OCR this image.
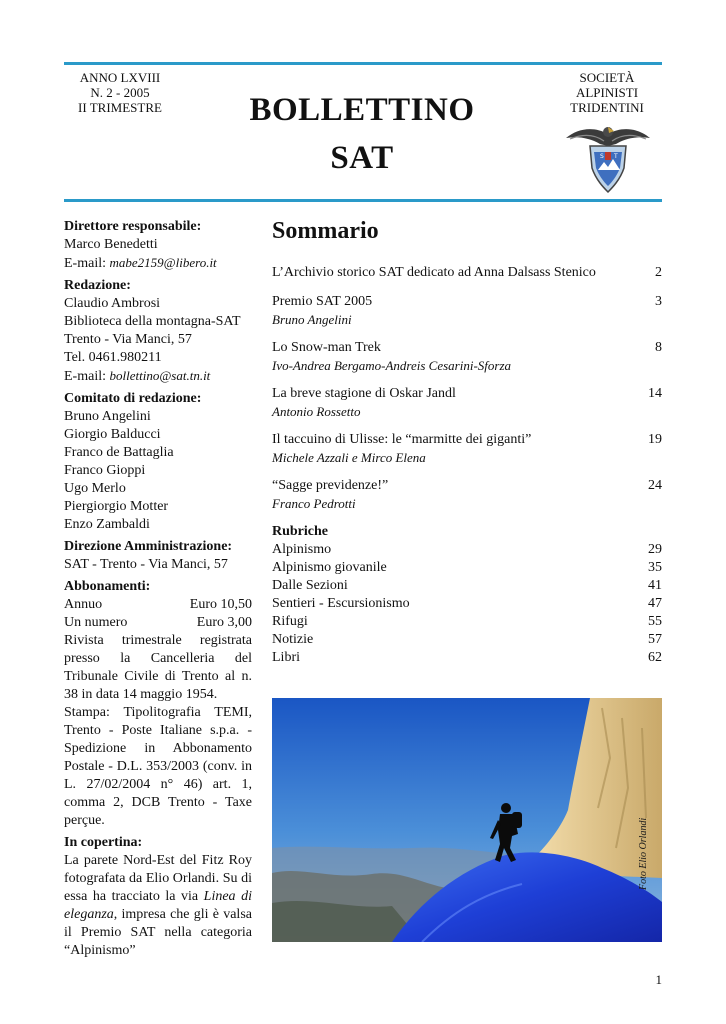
ANNO LXVIII
N. 2 - 2005
II TRIMESTRE	BOLLETTINO
SAT
SOCIETÀ
ALPINISTI
TRIDENTINI
S T
Direttore responsabile:
Marco Benedetti
E-mail: mabe2159@libero.it
Redazione:
Claudio Ambrosi
Biblioteca della montagna-SAT
Trento - Via Manci, 57
Tel. 0461.980211
E-mail: bollettino@sat.tn.it
Comitato di redazione:
Bruno Angelini
Giorgio Balducci
Franco de Battaglia
Franco Gioppi
Ugo Merlo
Piergiorgio Motter
Enzo Zambaldi
Direzione Amministrazione:
SAT - Trento - Via Manci, 57
Abbonamenti:
Annuo	Euro 10,50
Un numero	Euro 3,00
Rivista trimestrale registrata presso la Cancelleria del Tribunale Civile di Trento al n. 38 in data 14 maggio 1954.
Stampa: Tipolitografia TEMI, Trento - Poste Italiane s.p.a. - Spedizione in Abbonamento Postale - D.L. 353/2003 (conv. in L. 27/02/2004 n° 46) art. 1, comma 2, DCB Trento - Taxe perçue.
In copertina:
La parete Nord-Est del Fitz Roy fotografata da Elio Orlandi. Su di essa ha tracciato la via Linea di eleganza, impresa che gli è valsa il Premio SAT nella categoria “Alpinismo”
Sommario
L’Archivio storico SAT dedicato ad Anna Dalsass Stenico	2
Premio SAT 2005	3
Bruno Angelini
Lo Snow-man Trek	8
Ivo-Andrea Bergamo-Andreis Cesarini-Sforza
La breve stagione di Oskar Jandl	14
Antonio Rossetto
Il taccuino di Ulisse: le “marmitte dei giganti”	19
Michele Azzali e Mirco Elena
“Sagge previdenze!”	24
Franco Pedrotti
Rubriche
Alpinismo	29
Alpinismo giovanile	35
Dalle Sezioni	41
Sentieri - Escursionismo	47
Rifugi	55
Notizie	57
Libri	62
Foto Elio Orlandi
1
